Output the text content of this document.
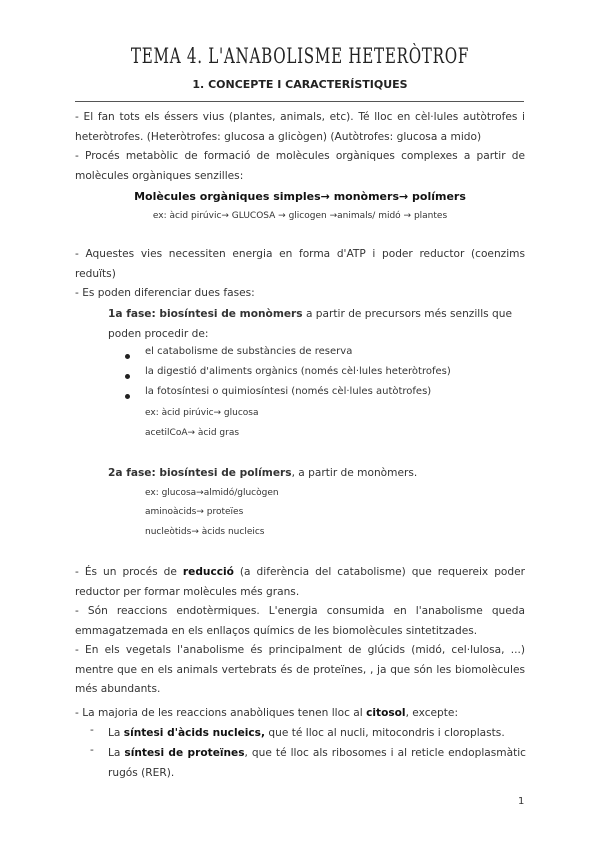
TEMA 4. L'ANABOLISME HETERÒTROF
1. CONCEPTE I CARACTERÍSTIQUES
- El fan tots els éssers vius (plantes, animals, etc). Té lloc en cèl·lules autòtrofes i heteròtrofes. (Heteròtrofes: glucosa a glicògen) (Autòtrofes: glucosa a mido)
- Procés metabòlic de formació de molècules orgàniques complexes a partir de molècules orgàniques senzilles:
Molècules orgàniques simples→ monòmers→ polímers
ex: àcid pirúvic→ GLUCOSA → glicogen →animals/ midó → plantes
- Aquestes vies necessiten energia en forma d'ATP i poder reductor (coenzims reduïts)
- Es poden diferenciar dues fases:
1a fase: biosíntesi de monòmers a partir de precursors més senzills que poden procedir de:
el catabolisme de substàncies de reserva
la digestió d'aliments orgànics (només cèl·lules heteròtrofes)
la fotosíntesi o quimiosíntesi (només cèl·lules autòtrofes)
ex: àcid pirúvic→ glucosa
acetilCoA→ àcid gras
2a fase: biosíntesi de polímers, a partir de monòmers.
ex: glucosa→almidó/glucògen
aminoàcids→ proteïes
nucleòtids→ àcids nucleics
- És un procés de reducció (a diferència del catabolisme) que requereix poder reductor per formar molècules més grans.
- Són reaccions endotèrmiques. L'energia consumida en l'anabolisme queda emmagatzemada en els enllaços químics de les biomolècules sintetitzades.
- En els vegetals l'anabolisme és principalment de glúcids (midó, cel·lulosa, ...) mentre que en els animals vertebrats és de proteïnes, , ja que són les biomolècules més abundants.
- La majoria de les reaccions anabòliques tenen lloc al citosol, excepte:
- La síntesi d'àcids nucleics, que té lloc al nucli, mitocondris i cloroplasts.
- La síntesi de proteïnes, que té lloc als ribosomes i al reticle endoplasmàtic rugós (RER).
1
